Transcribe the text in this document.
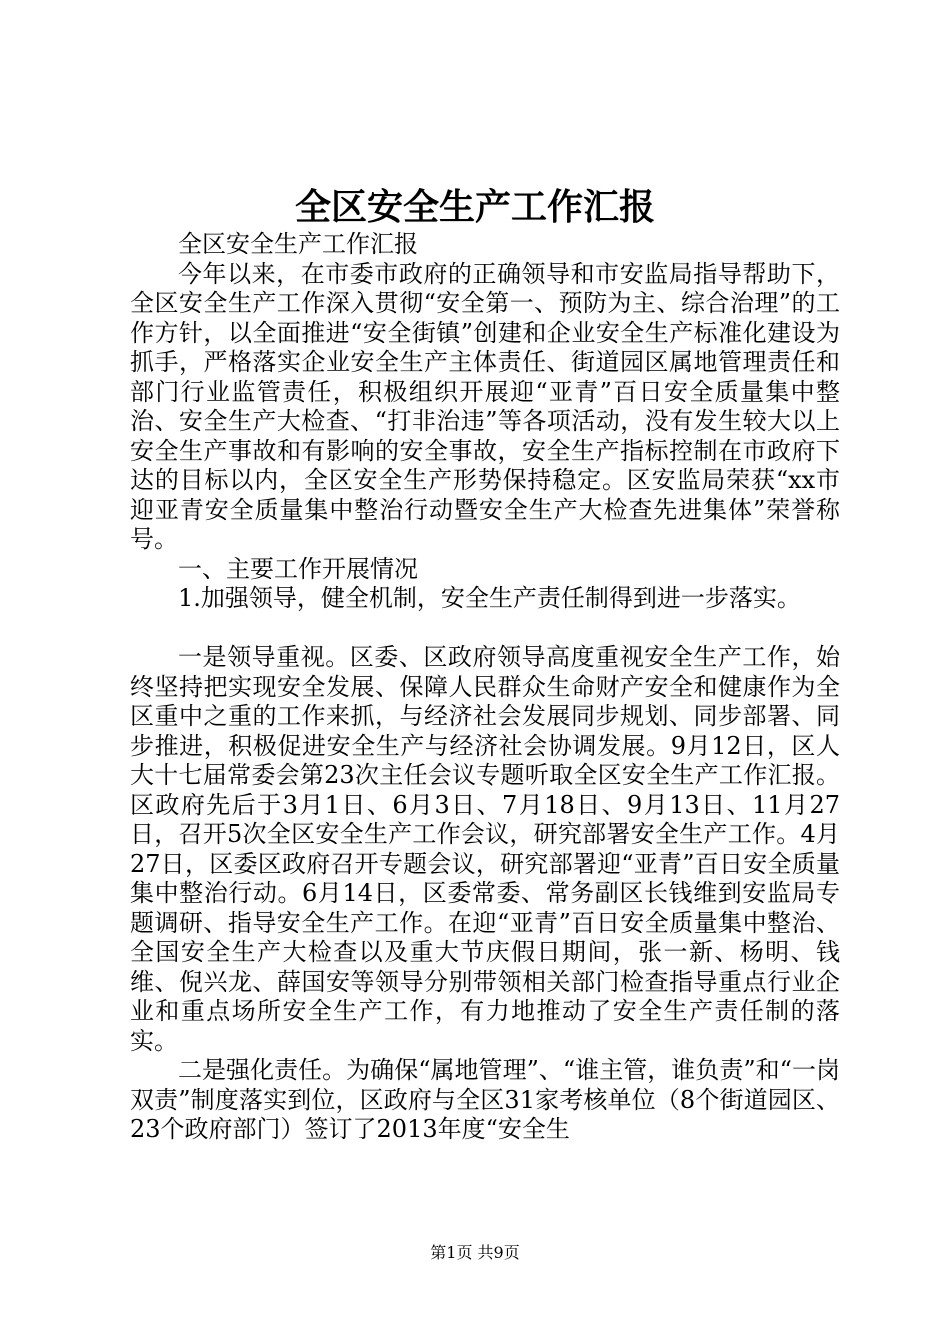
全区安全生产工作汇报

全区安全生产工作汇报

今年以来，在市委市政府的正确领导和市安监局指导帮助下，全区安全生产工作深入贯彻“安全第一、预防为主、综合治理”的工作方针，以全面推进“安全街镇”创建和企业安全生产标准化建设为抓手，严格落实企业安全生产主体责任、街道园区属地管理责任和部门行业监管责任，积极组织开展迎“亚青”百日安全质量集中整治、安全生产大检查、“打非治违”等各项活动，没有发生较大以上安全生产事故和有影响的安全事故，安全生产指标控制在市政府下达的目标以内，全区安全生产形势保持稳定。区安监局荣获“xx市迎亚青安全质量集中整治行动暨安全生产大检查先进集体”荣誉称号。

一、主要工作开展情况

1.加强领导，健全机制，安全生产责任制得到进一步落实。

一是领导重视。区委、区政府领导高度重视安全生产工作，始终坚持把实现安全发展、保障人民群众生命财产安全和健康作为全区重中之重的工作来抓，与经济社会发展同步规划、同步部署、同步推进，积极促进安全生产与经济社会协调发展。9月12日，区人大十七届常委会第23次主任会议专题听取全区安全生产工作汇报。区政府先后于3月1日、6月3日、7月18日、9月13日、11月27日，召开5次全区安全生产工作会议，研究部署安全生产工作。4月27日，区委区政府召开专题会议，研究部署迎“亚青”百日安全质量集中整治行动。6月14日，区委常委、常务副区长钱维到安监局专题调研、指导安全生产工作。在迎“亚青”百日安全质量集中整治、全国安全生产大检查以及重大节庆假日期间，张一新、杨明、钱维、倪兴龙、薛国安等领导分别带领相关部门检查指导重点行业企业和重点场所安全生产工作，有力地推动了安全生产责任制的落实。

二是强化责任。为确保“属地管理”、“谁主管，谁负责”和“一岗双责”制度落实到位，区政府与全区31家考核单位（8个街道园区、23个政府部门）签订了2013年度“安全生

第1页 共9页
